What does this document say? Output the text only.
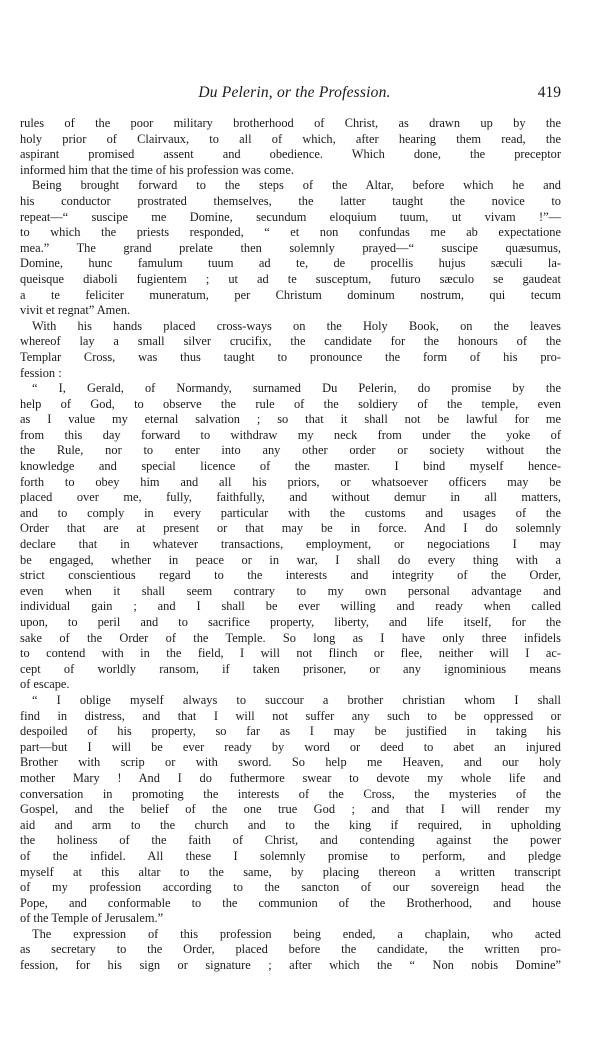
Du Pelerin, or the Profession.	419
rules of the poor military brotherhood of Christ, as drawn up by the
holy prior of Clairvaux, to all of which, after hearing them read, the
aspirant promised assent and obedience. Which done, the preceptor
informed him that the time of his profession was come.
Being brought forward to the steps of the Altar, before which he and
his conductor prostrated themselves, the latter taught the novice to
repeat—“ suscipe me Domine, secundum eloquium tuum, ut vivam !”—
to which the priests responded, “ et non confundas me ab expectatione
mea.” The grand prelate then solemnly prayed—“ suscipe quæsumus,
Domine, hunc famulum tuum ad te, de procellis hujus sæculi la-
queisque diaboli fugientem ; ut ad te susceptum, futuro sæculo se gaudeat
a te feliciter muneratum, per Christum dominum nostrum, qui tecum
vivit et regnat” Amen.
With his hands placed cross-ways on the Holy Book, on the leaves
whereof lay a small silver crucifix, the candidate for the honours of the
Templar Cross, was thus taught to pronounce the form of his pro-
fession :
“ I, Gerald, of Normandy, surnamed Du Pelerin, do promise by the
help of God, to observe the rule of the soldiery of the temple, even
as I value my eternal salvation ; so that it shall not be lawful for me
from this day forward to withdraw my neck from under the yoke of
the Rule, nor to enter into any other order or society without the
knowledge and special licence of the master. I bind myself hence-
forth to obey him and all his priors, or whatsoever officers may be
placed over me, fully, faithfully, and without demur in all matters,
and to comply in every particular with the customs and usages of the
Order that are at present or that may be in force. And I do solemnly
declare that in whatever transactions, employment, or negociations I may
be engaged, whether in peace or in war, I shall do every thing with a
strict conscientious regard to the interests and integrity of the Order,
even when it shall seem contrary to my own personal advantage and
individual gain ; and I shall be ever willing and ready when called
upon, to peril and to sacrifice property, liberty, and life itself, for the
sake of the Order of the Temple. So long as I have only three infidels
to contend with in the field, I will not flinch or flee, neither will I ac-
cept of worldly ransom, if taken prisoner, or any ignominious means
of escape.
“ I oblige myself always to succour a brother christian whom I shall
find in distress, and that I will not suffer any such to be oppressed or
despoiled of his property, so far as I may be justified in taking his
part—but I will be ever ready by word or deed to abet an injured
Brother with scrip or with sword. So help me Heaven, and our holy
mother Mary ! And I do futhermore swear to devote my whole life and
conversation in promoting the interests of the Cross, the mysteries of the
Gospel, and the belief of the one true God ; and that I will render my
aid and arm to the church and to the king if required, in upholding
the holiness of the faith of Christ, and contending against the power
of the infidel. All these I solemnly promise to perform, and pledge
myself at this altar to the same, by placing thereon a written transcript
of my profession according to the sancton of our sovereign head the
Pope, and conformable to the communion of the Brotherhood, and house
of the Temple of Jerusalem.”
The expression of this profession being ended, a chaplain, who acted
as secretary to the Order, placed before the candidate, the written pro-
fession, for his sign or signature ; after which the “ Non nobis Domine”
